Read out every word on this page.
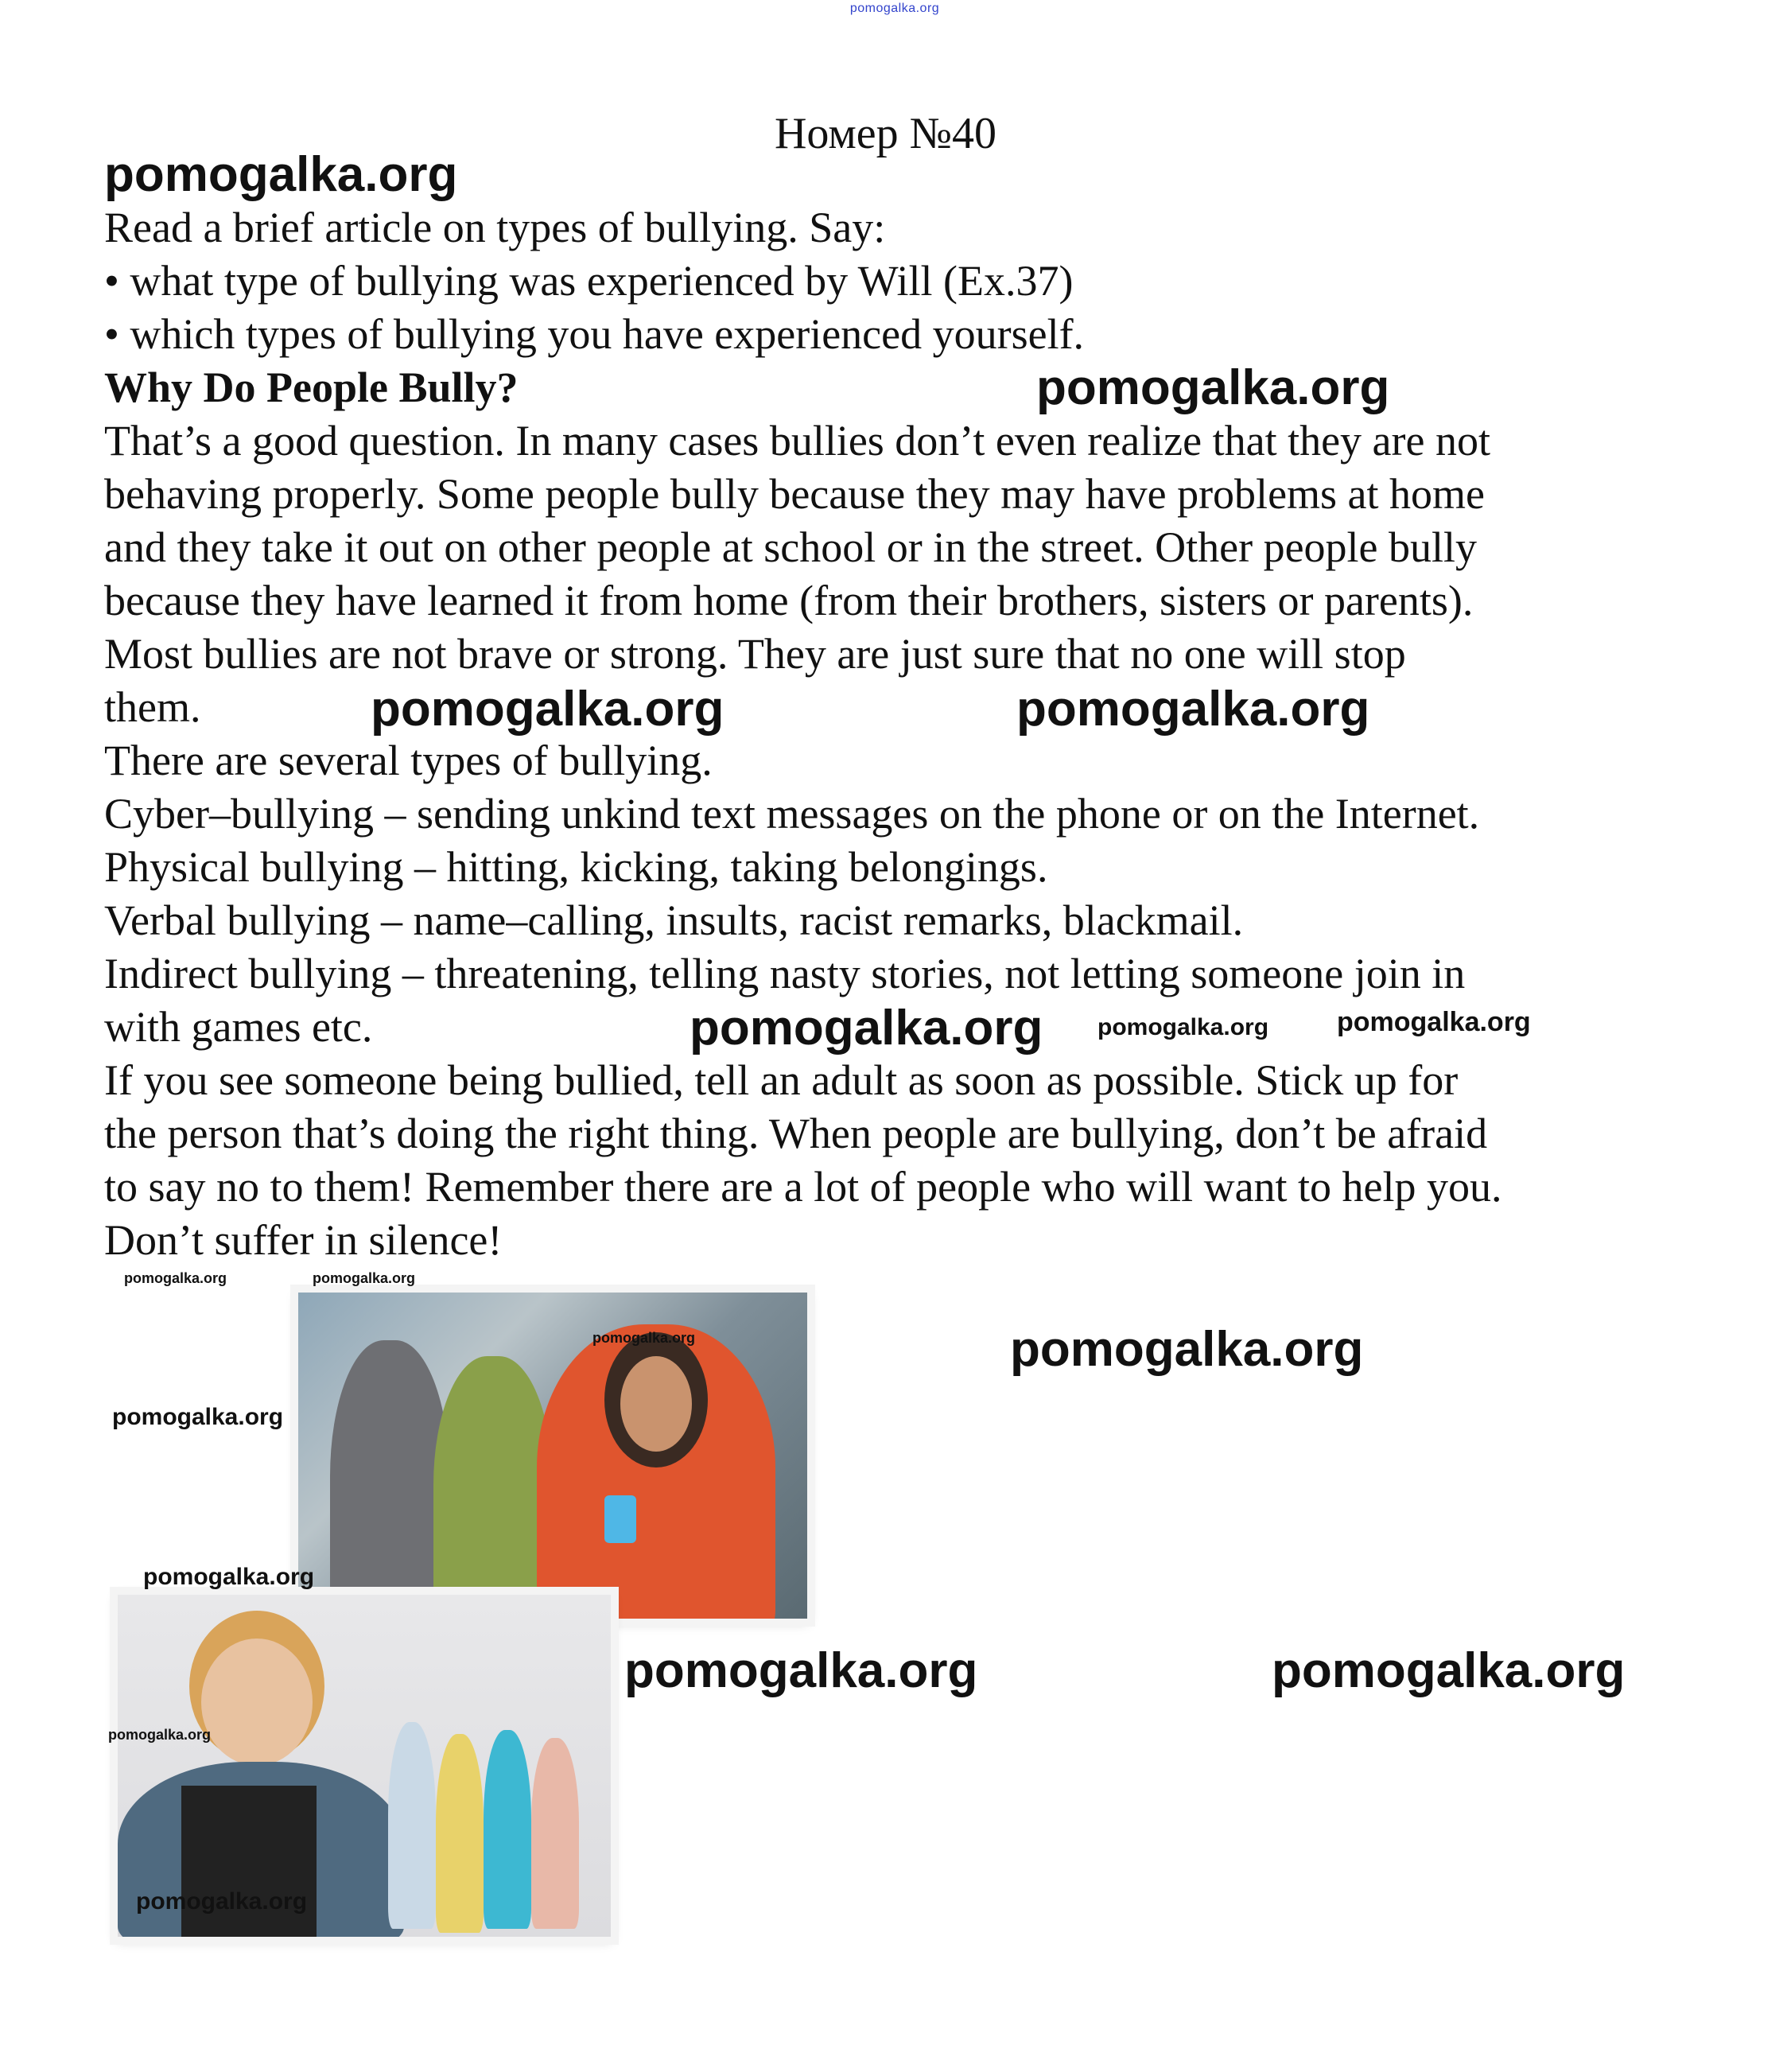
pomogalka.org
Номер №40
Read a brief article on types of bullying. Say:
• what type of bullying was experienced by Will (Ex.37)
• which types of bullying you have experienced yourself.
Why Do People Bully?
That’s a good question. In many cases bullies don’t even realize that they are not
behaving properly. Some people bully because they may have problems at home
and they take it out on other people at school or in the street. Other people bully
because they have learned it from home (from their brothers, sisters or parents).
Most bullies are not brave or strong. They are just sure that no one will stop
them.
There are several types of bullying.
Cyber–bullying – sending unkind text messages on the phone or on the Internet.
Physical bullying – hitting, kicking, taking belongings.
Verbal bullying – name–calling, insults, racist remarks, blackmail.
Indirect bullying – threatening, telling nasty stories, not letting someone join in
with games etc.
If you see someone being bullied, tell an adult as soon as possible. Stick up for
the person that’s doing the right thing. When people are bullying, don’t be afraid
to say no to them! Remember there are a lot of people who will want to help you.
Don’t suffer in silence!
pomogalka.org
pomogalka.org
pomogalka.org	pomogalka.org
pomogalka.org	pomogalka.org
pomogalka.org
pomogalka.org	pomogalka.org
pomogalka.org	pomogalka.org
pomogalka.org
pomogalka.org
pomogalka.org	pomogalka.org
pomogalka.org
pomogalka.org
